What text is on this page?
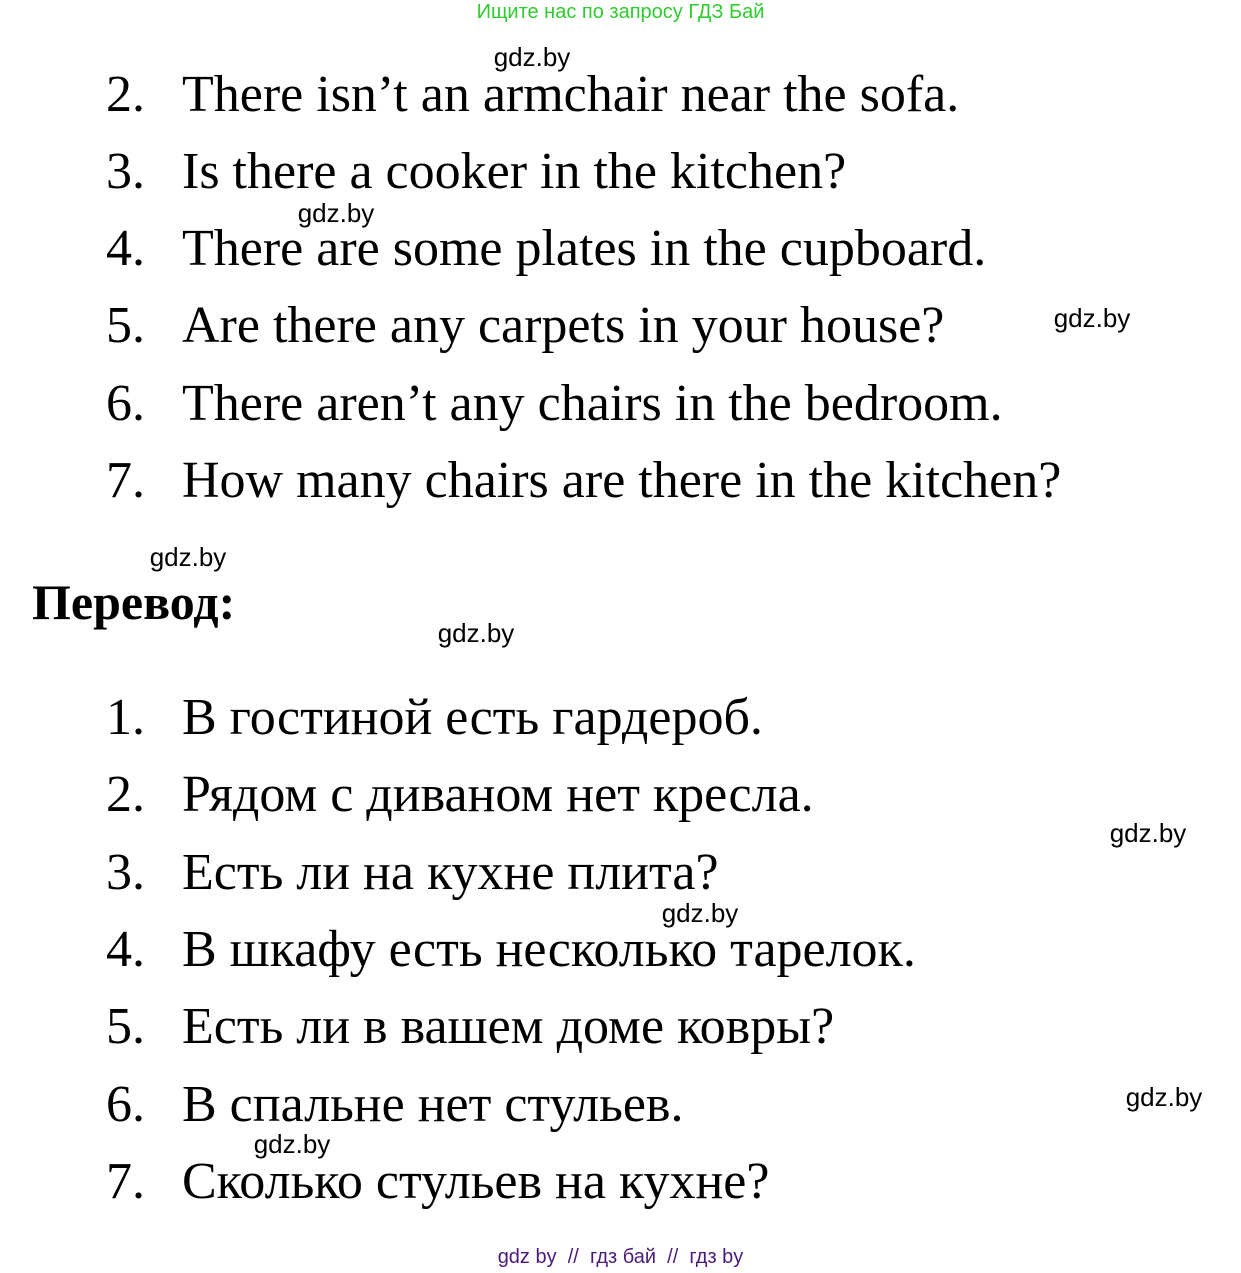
Ищите нас по запросу ГДЗ Бай
2. There isn’t an armchair near the sofa.
3. Is there a cooker in the kitchen?
4. There are some plates in the cupboard.
5. Are there any carpets in your house?
6. There aren’t any chairs in the bedroom.
7. How many chairs are there in the kitchen?
Перевод:
1. В гостиной есть гардероб.
2. Рядом с диваном нет кресла.
3. Есть ли на кухне плита?
4. В шкафу есть несколько тарелок.
5. Есть ли в вашем доме ковры?
6. В спальне нет стульев.
7. Сколько стульев на кухне?
gdz.by
gdz.by
gdz.by
gdz.by
gdz.by
gdz.by
gdz.by
gdz.by
gdz.by
gdz by  //  гдз бай  //  гдз by
